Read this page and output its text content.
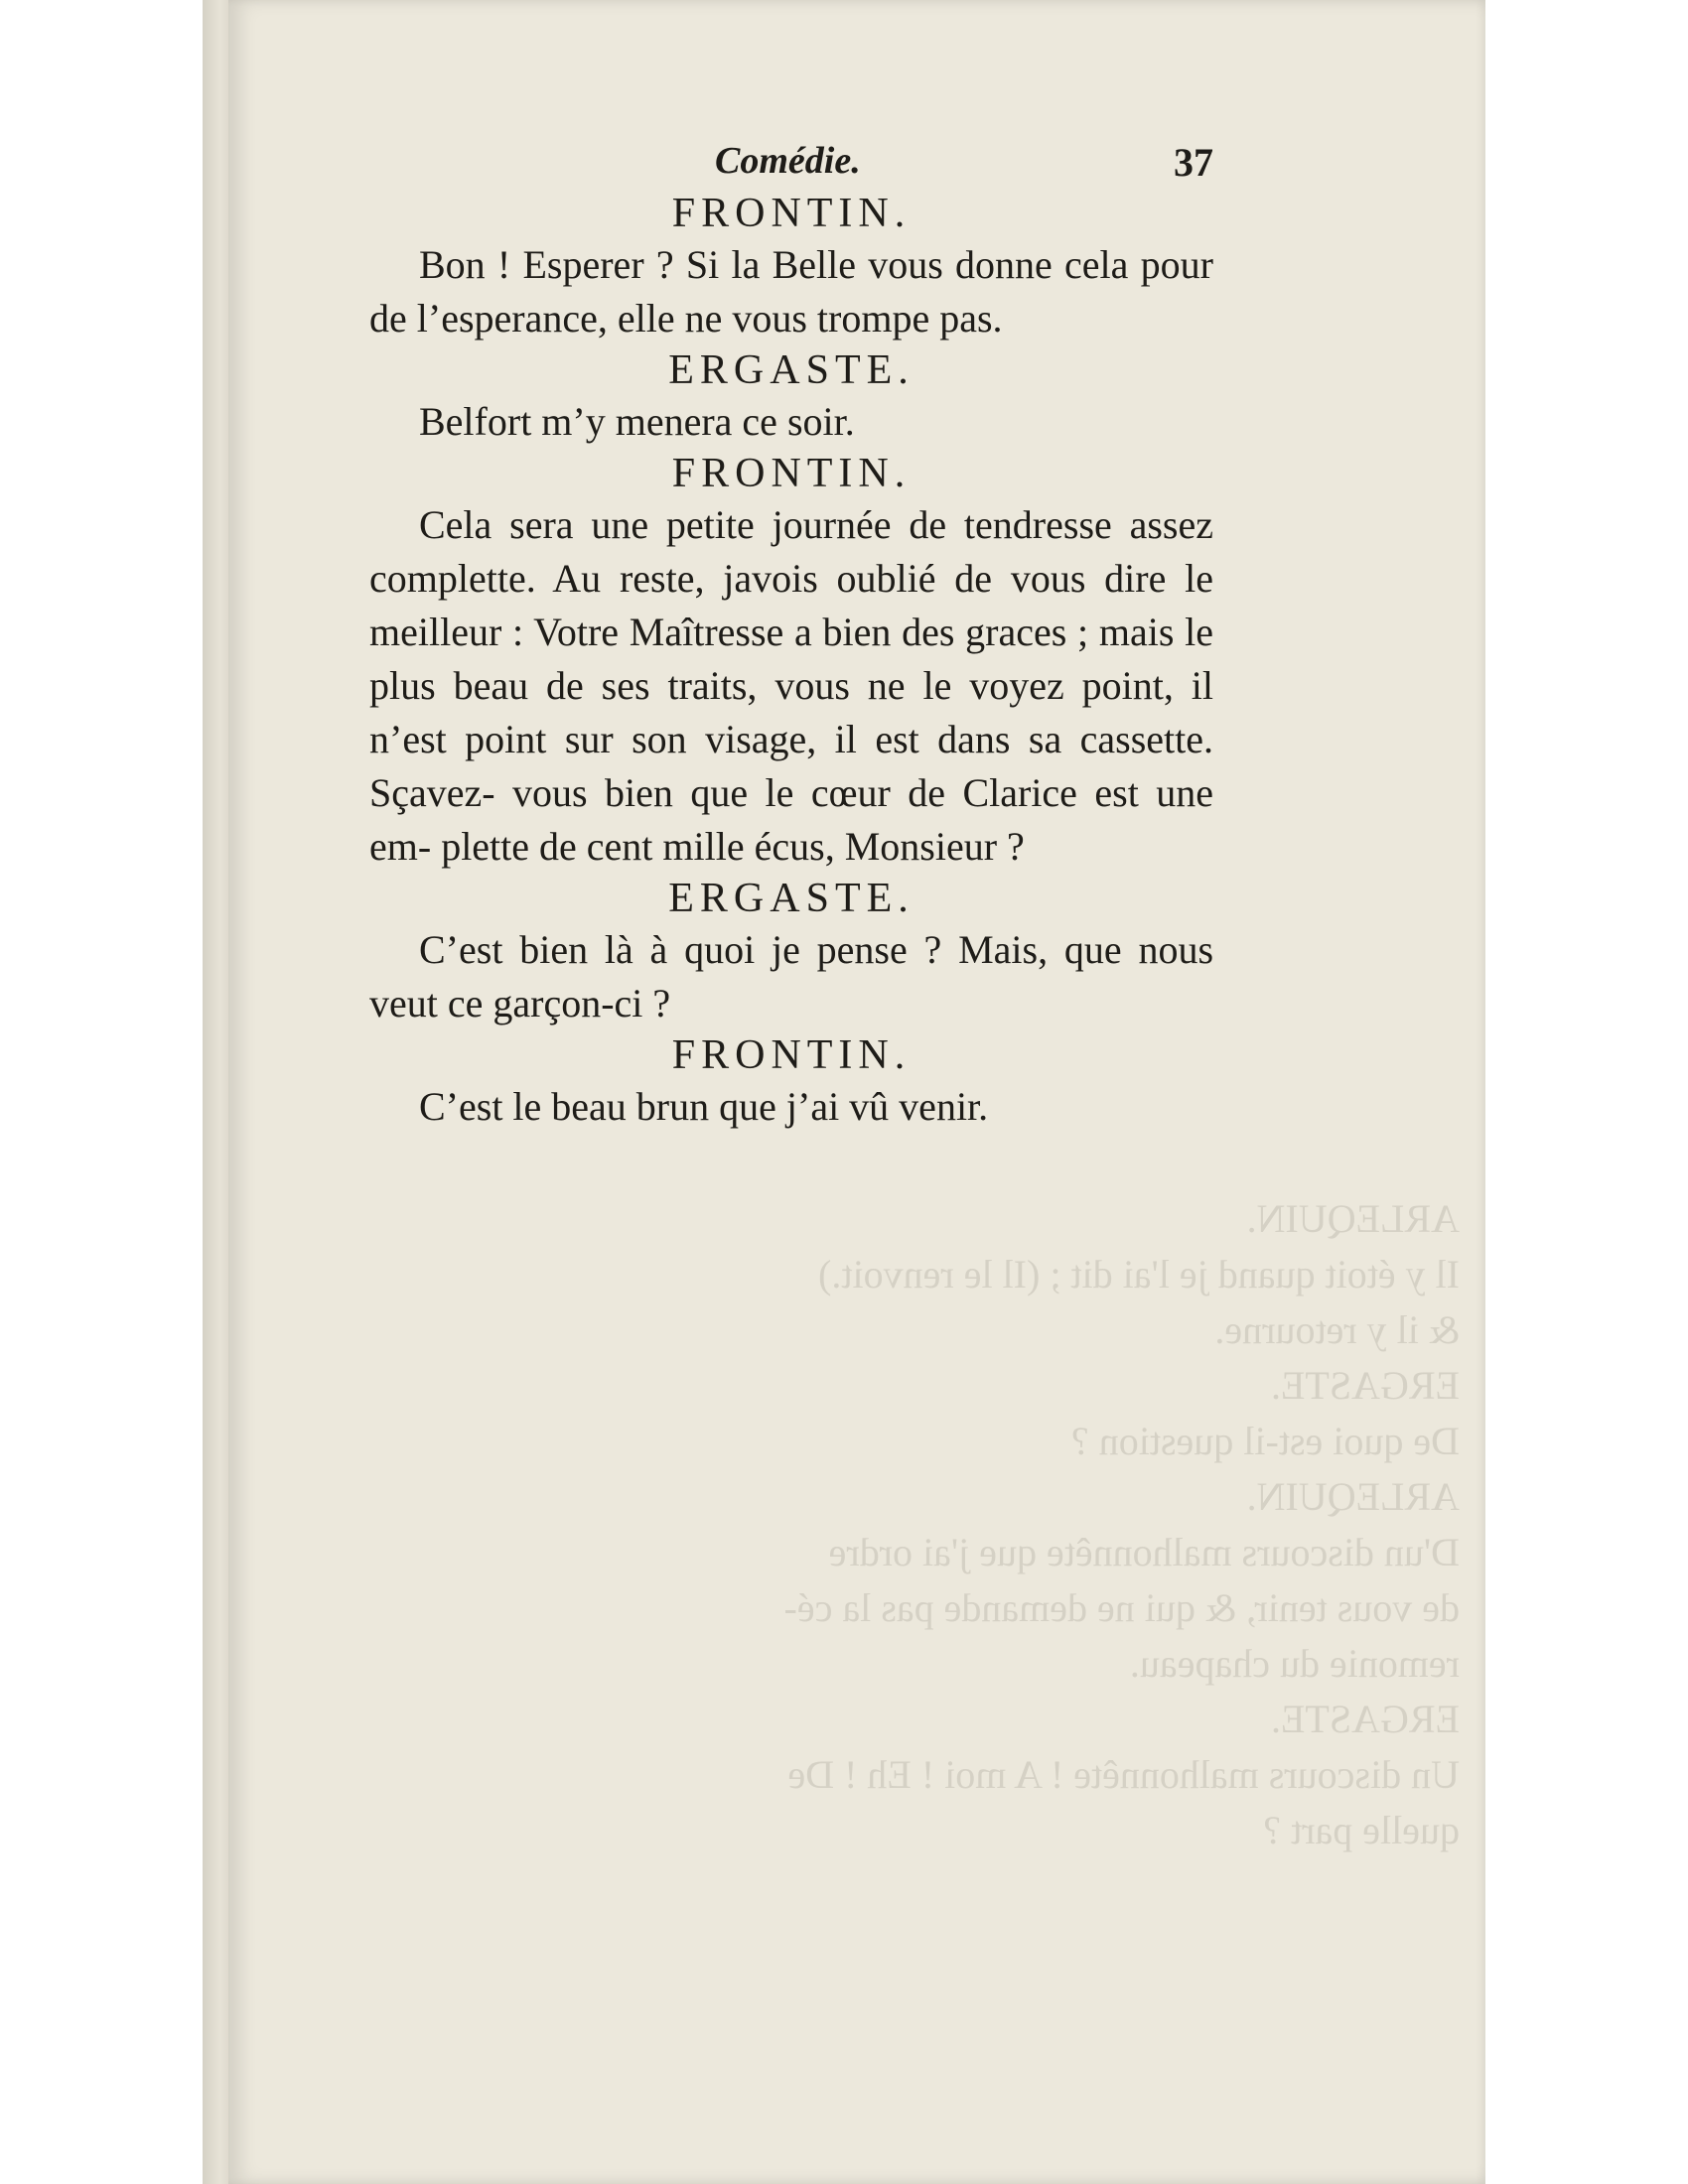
Comédie.	37
FRONTIN.
Bon ! Esperer ? Si la Belle vous donne cela pour de l’esperance, elle ne vous trompe pas.
ERGASTE.
Belfort m’y menera ce soir.
FRONTIN.
Cela sera une petite journée de tendresse assez complette. Au reste, javois oublié de vous dire le meilleur : Votre Maîtresse a bien des graces ; mais le plus beau de ses traits, vous ne le voyez point, il n’est point sur son visage, il est dans sa cassette. Sçavez- vous bien que le cœur de Clarice est une em- plette de cent mille écus, Monsieur ?
ERGASTE.
C’est bien là à quoi je pense ? Mais, que nous veut ce garçon-ci ?
FRONTIN.
C’est le beau brun que j’ai vû venir.
ARLEQUIN.
Il y étoit quand je l'ai dit ; (Il le renvoit.)
& il y retourne.
ERGASTE.
De quoi est-il question ?
ARLEQUIN.
D'un discours malhonnête que j'ai ordre
de vous tenir, & qui ne demande pas la cé-
remonie du chapeau.
ERGASTE.
Un discours malhonnête ! A moi ! Eh ! De
quelle part ?
